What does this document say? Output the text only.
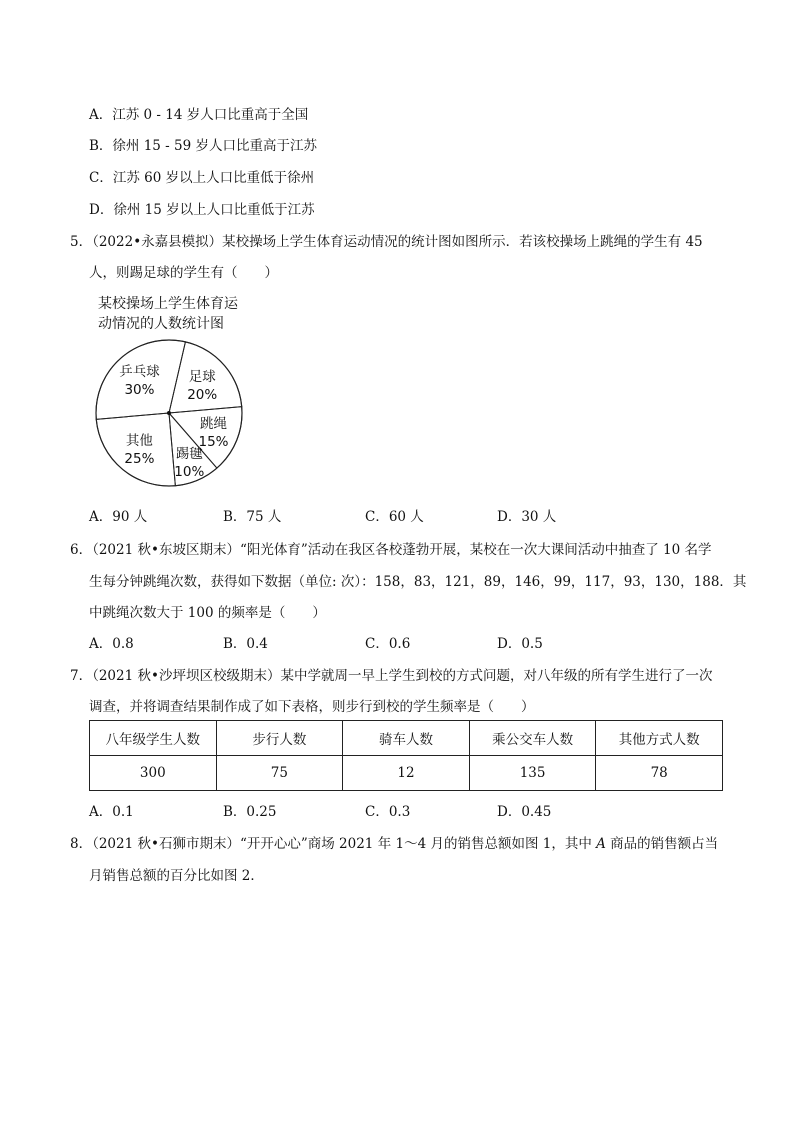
A．江苏 0 - 14 岁人口比重高于全国
B．徐州 15 - 59 岁人口比重高于江苏
C．江苏 60 岁以上人口比重低于徐州
D．徐州 15 岁以上人口比重低于江苏
5．（2022•永嘉县模拟）某校操场上学生体育运动情况的统计图如图所示．若该校操场上跳绳的学生有 45
人，则踢足球的学生有（　　）
某校操场上学生体育运
动情况的人数统计图
足球
20%
跳绳
15%
踢毽
10%
其他
25%
乒乓球
30%
A．90 人	B．75 人	C．60 人	D．30 人
6．（2021 秋•东坡区期末）“阳光体育”活动在我区各校蓬勃开展，某校在一次大课间活动中抽查了 10 名学
生每分钟跳绳次数，获得如下数据（单位: 次）：158，83，121，89，146，99，117，93，130，188．其
中跳绳次数大于 100 的频率是（　　）
A．0.8	B．0.4	C．0.6	D．0.5
7．（2021 秋•沙坪坝区校级期末）某中学就周一早上学生到校的方式问题，对八年级的所有学生进行了一次
调查，并将调查结果制作成了如下表格，则步行到校的学生频率是（　　）
八年级学生人数	步行人数	骑车人数	乘公交车人数	其他方式人数
300	75	12	135	78
A．0.1	B．0.25	C．0.3	D．0.45
8．（2021 秋•石狮市期末）“开开心心”商场 2021 年 1～4 月的销售总额如图 1，其中 A 商品的销售额占当
月销售总额的百分比如图 2．
